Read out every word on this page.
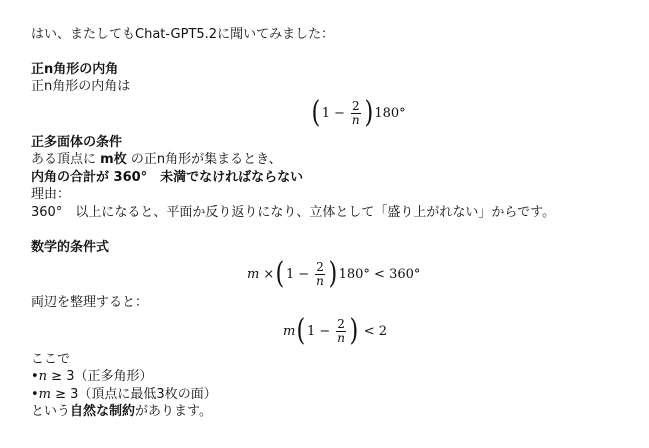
はい、またしてもChat-GPT5.2に聞いてみました：
正n角形の内角
正n角形の内角は
( $1 - \frac{2}{n}$ ) 180°
正多面体の条件
ある頂点に m枚 の正n角形が集まるとき、
内角の合計が 360°　未満でなければならない
理由：
360°　以上になると、平面か反り返りになり、立体として「盛り上がれない」からです。
数学的条件式
m × ( $1 - \frac{2}{n}$ ) 180° < 360°
両辺を整理すると：
m ( $1 - \frac{2}{n}$ ) < 2
ここで
•n ≥ 3（正多角形）
•m ≥ 3（頂点に最低3枚の面）
という自然な制約があります。
